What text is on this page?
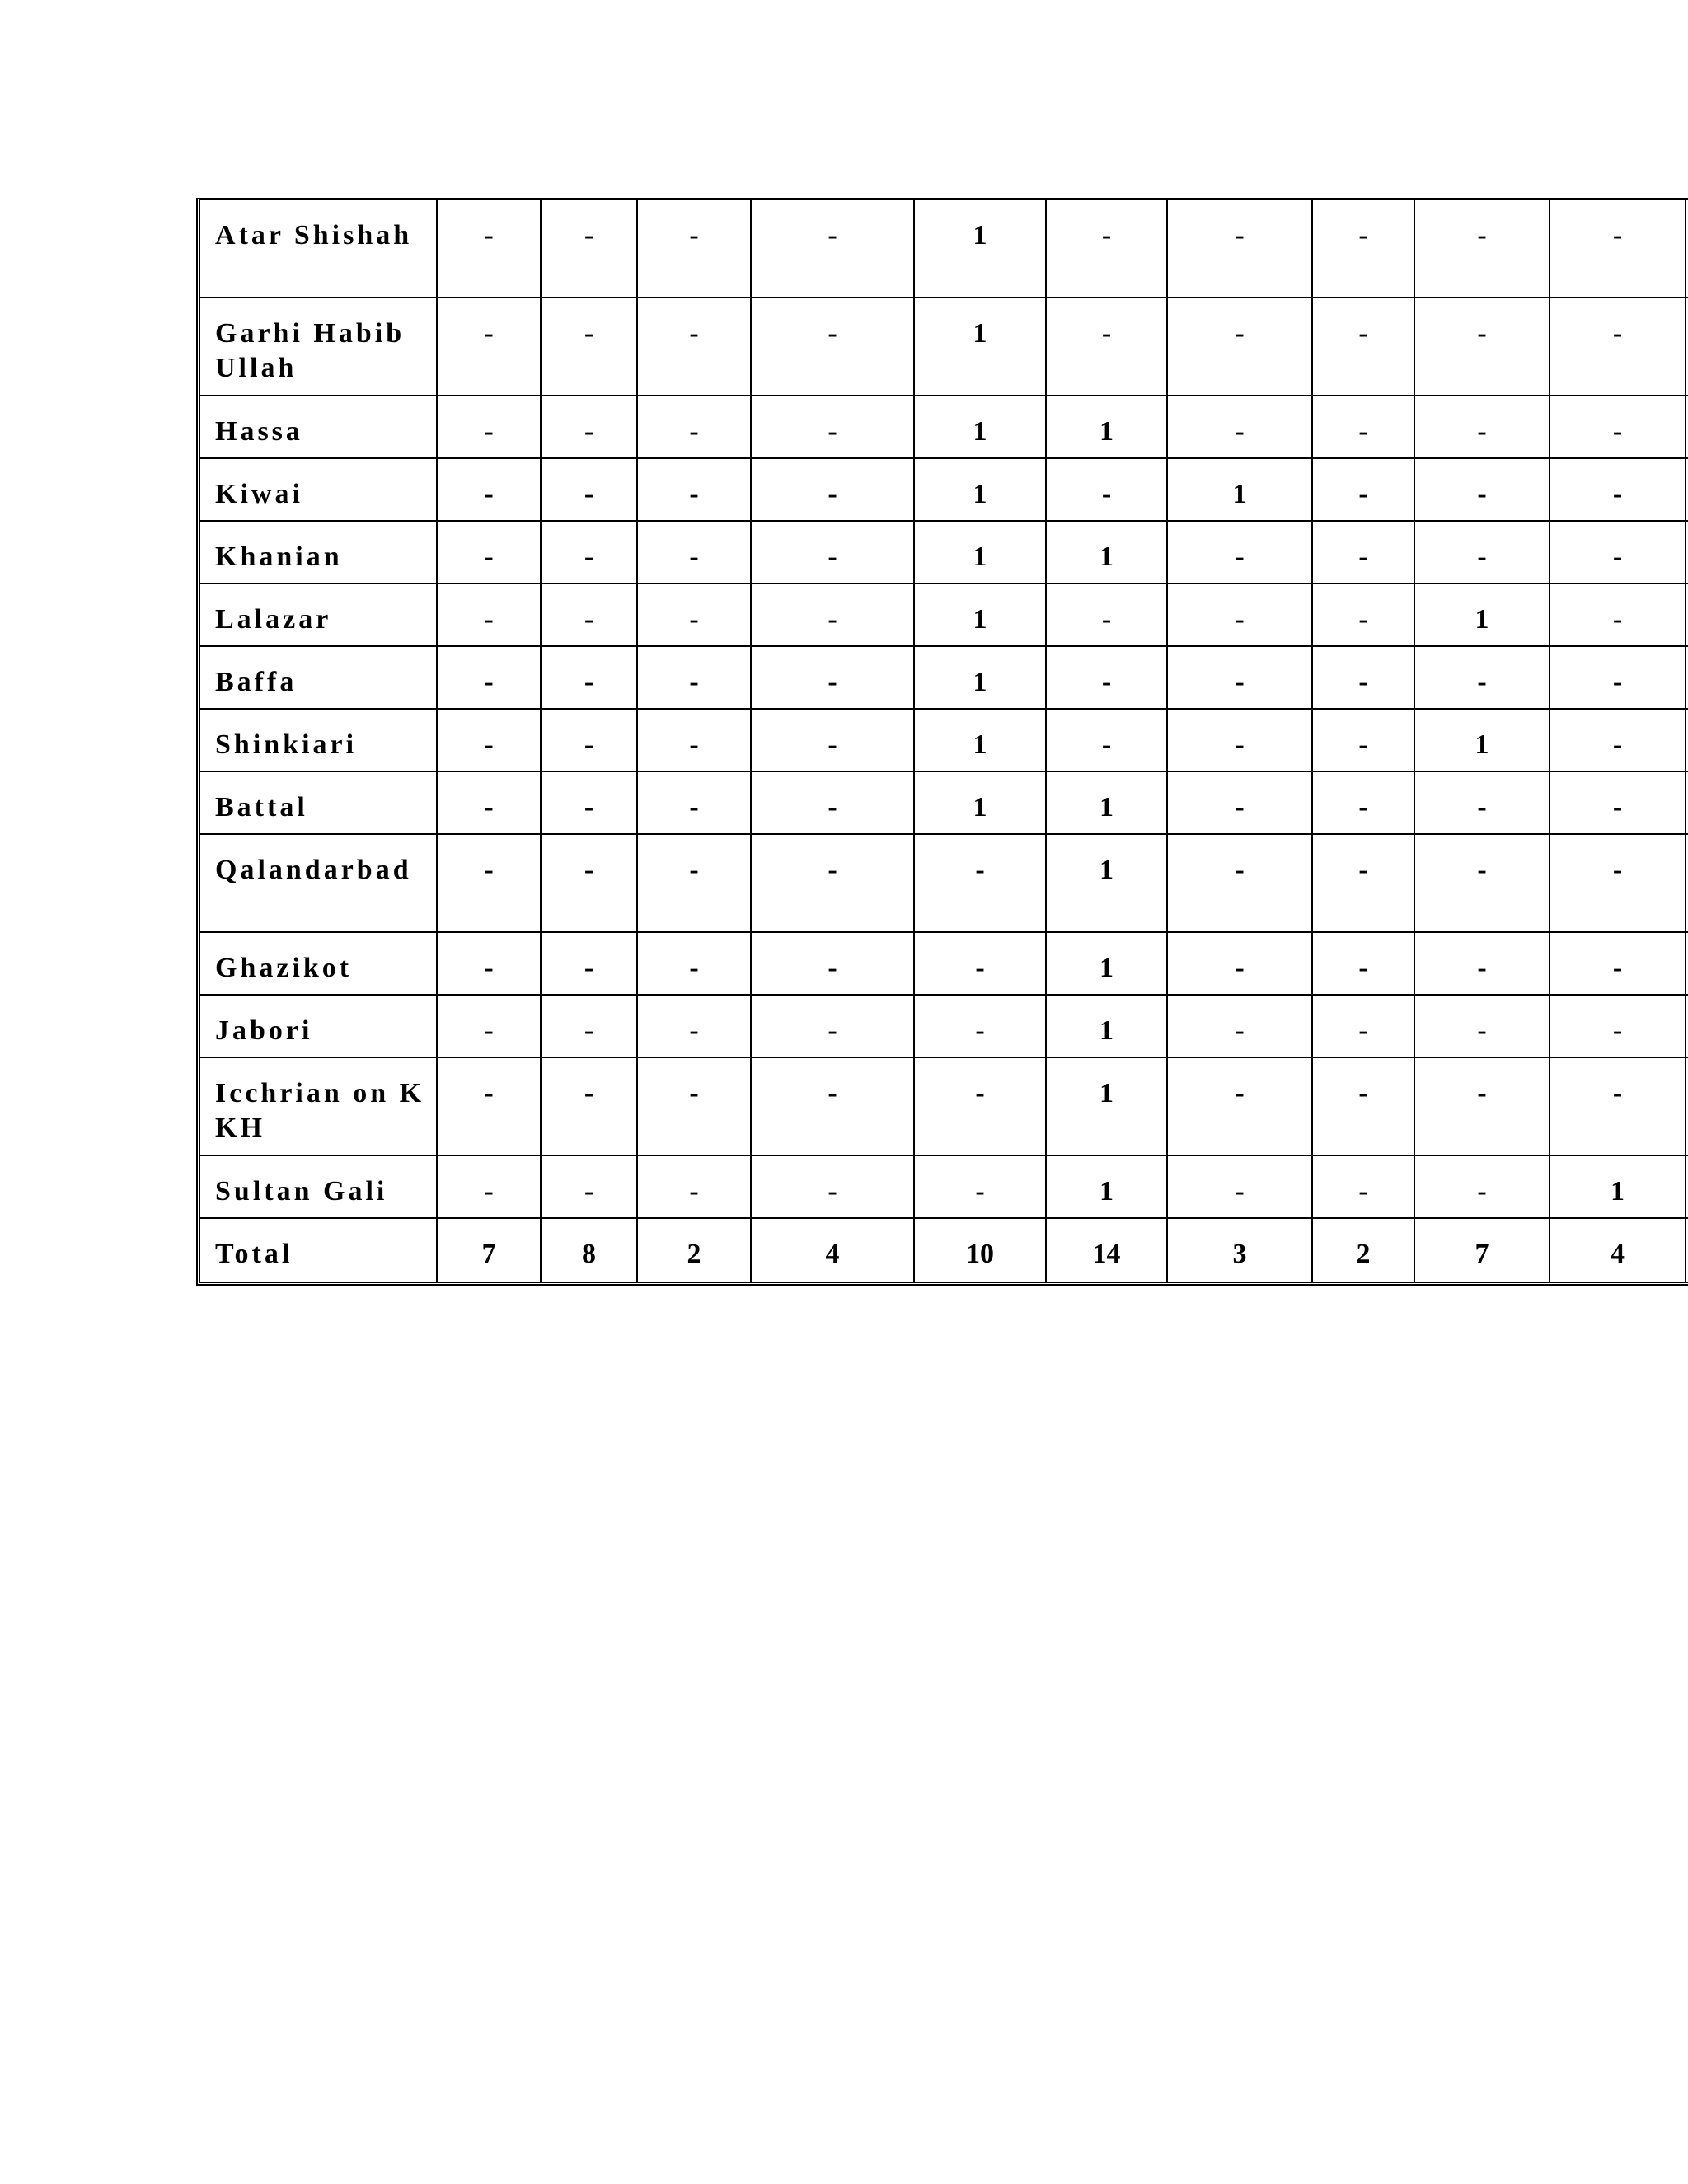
Atar Shishah	-	-	-	-	1	-	-	-	-	-	
Garhi Habib Ullah	-	-	-	-	1	-	-	-	-	-	
Hassa	-	-	-	-	1	1	-	-	-	-	
Kiwai	-	-	-	-	1	-	1	-	-	-	
Khanian	-	-	-	-	1	1	-	-	-	-	
Lalazar	-	-	-	-	1	-	-	-	1	-	
Baffa	-	-	-	-	1	-	-	-	-	-	
Shinkiari	-	-	-	-	1	-	-	-	1	-	
Battal	-	-	-	-	1	1	-	-	-	-	
Qalandarbad	-	-	-	-	-	1	-	-	-	-	
Ghazikot	-	-	-	-	-	1	-	-	-	-	
Jabori	-	-	-	-	-	1	-	-	-	-	
Icchrian on KKH	-	-	-	-	-	1	-	-	-	-	
Sultan Gali	-	-	-	-	-	1	-	-	-	1	
Total	7	8	2	4	10	14	3	2	7	4	
